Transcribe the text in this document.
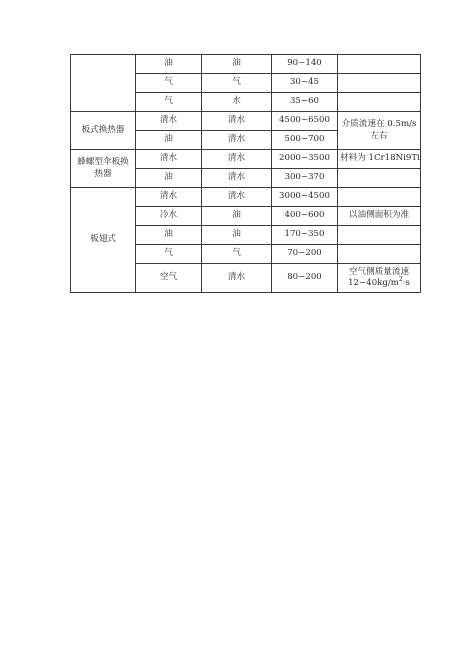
	油	油	90~140	
	气	气	30~45	
	气	水	35~60	
板式换热器	清水	清水	4500~6500	介质流速在 0.5m/s 左右
	油	清水	500~700	
蜂螺型伞板换热器	清水	清水	2000~3500	材料为 1Cr18Ni9Ti
	油	清水	300~370	
板翅式	清水	清水	3000~4500	
	冷水	油	400~600	以油侧面积为准
	油	油	170~350	
	气	气	70~200	
	空气	清水	80~200	空气侧质量流速
$12\sim 40kg/m^2\cdot s$
